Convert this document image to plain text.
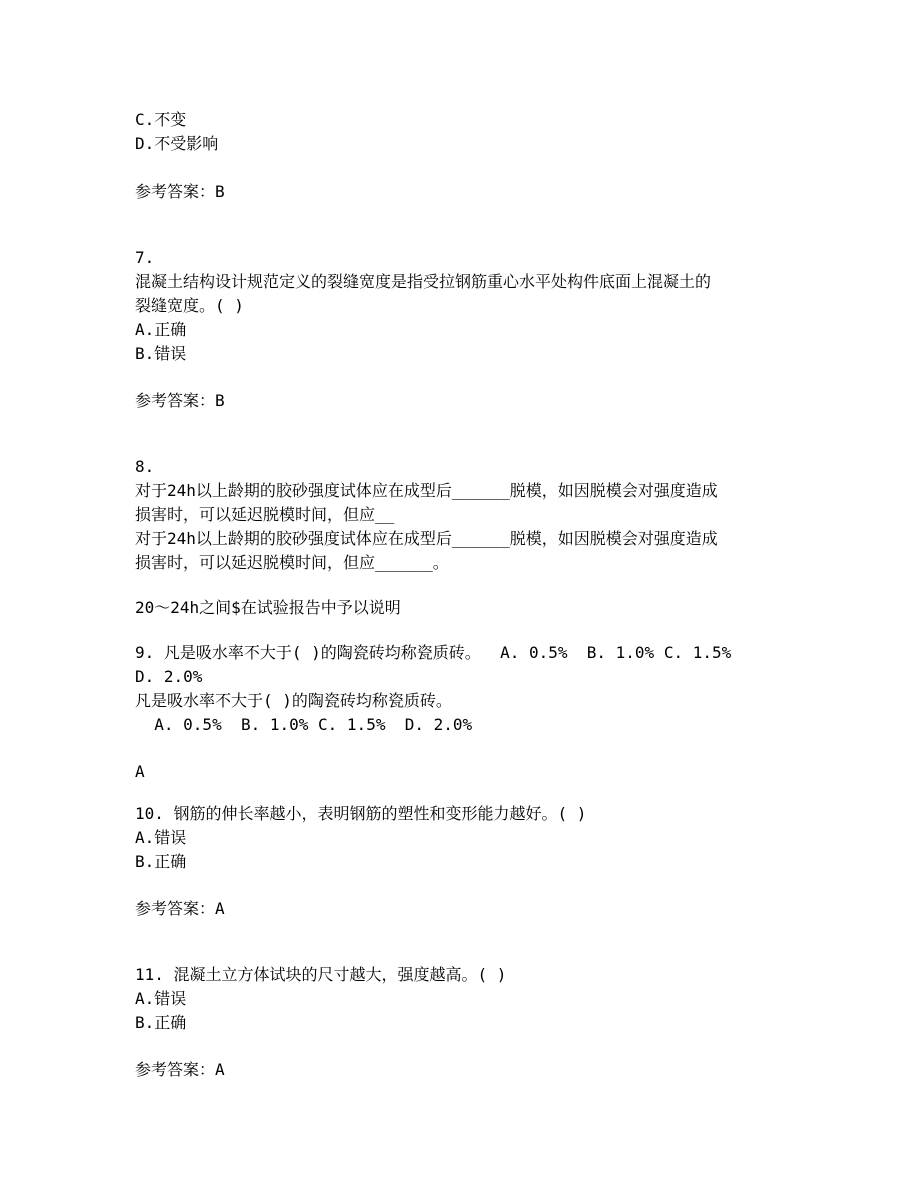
C.不变
D.不受影响
参考答案：B
7.
混凝土结构设计规范定义的裂缝宽度是指受拉钢筋重心水平处构件底面上混凝土的
裂缝宽度。( )
A.正确
B.错误
参考答案：B
8.
对于24h以上龄期的胶砂强度试体应在成型后______脱模，如因脱模会对强度造成
损害时，可以延迟脱模时间，但应__
对于24h以上龄期的胶砂强度试体应在成型后______脱模，如因脱模会对强度造成
损害时，可以延迟脱模时间，但应______。
20～24h之间$在试验报告中予以说明
9. 凡是吸水率不大于( )的陶瓷砖均称瓷质砖。  A. 0.5%  B. 1.0% C. 1.5%
D. 2.0%
凡是吸水率不大于( )的陶瓷砖均称瓷质砖。
A. 0.5%  B. 1.0% C. 1.5%  D. 2.0%
A
10. 钢筋的伸长率越小，表明钢筋的塑性和变形能力越好。( )
A.错误
B.正确
参考答案：A
11. 混凝土立方体试块的尺寸越大，强度越高。( )
A.错误
B.正确
参考答案：A
